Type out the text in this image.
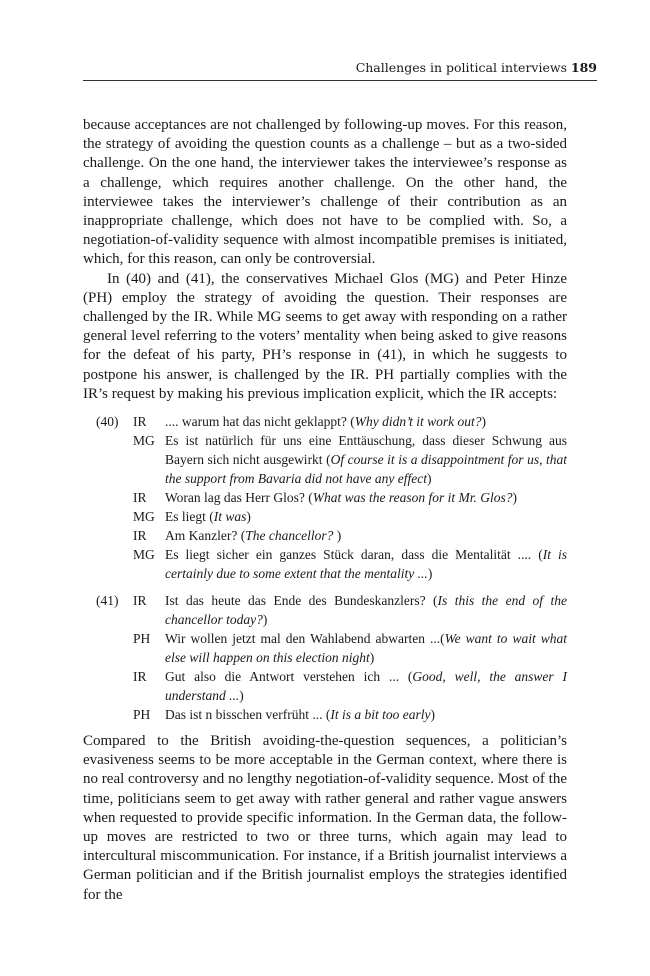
Challenges in political interviews 189

because acceptances are not challenged by following-up moves. For this reason, the strategy of avoiding the question counts as a challenge – but as a two-sided challenge. On the one hand, the interviewer takes the interviewee’s response as a challenge, which requires another challenge. On the other hand, the interviewee takes the interviewer’s challenge of their contribution as an inappropriate challenge, which does not have to be complied with. So, a negotiation-of-validity sequence with almost incompatible premises is initiated, which, for this reason, can only be controversial.

In (40) and (41), the conservatives Michael Glos (MG) and Peter Hinze (PH) employ the strategy of avoiding the question. Their responses are challenged by the IR. While MG seems to get away with responding on a rather general level referring to the voters’ mentality when being asked to give reasons for the defeat of his party, PH’s response in (41), in which he suggests to postpone his answer, is challenged by the IR. PH partially complies with the IR’s request by making his previous implication explicit, which the IR accepts:

(40)	IR	.... warum hat das nicht geklappt? (Why didn’t it work out?)
MG Es ist natürlich für uns eine Enttäuschung, dass dieser Schwung aus Bayern sich nicht ausgewirkt (Of course it is a disappointment for us, that the support from Bavaria did not have any effect)
IR	Woran lag das Herr Glos? (What was the reason for it Mr. Glos?)
MG Es liegt (It was)
IR	Am Kanzler? (The chancellor? )
MG Es liegt sicher ein ganzes Stück daran, dass die Mentalität .... (It is certainly due to some extent that the mentality ...)
(41)	IR	Ist das heute das Ende des Bundeskanzlers? (Is this the end of the chancellor today?)
PH	Wir wollen jetzt mal den Wahlabend abwarten ...(We want to wait what else will happen on this election night)
IR	Gut also die Antwort verstehen ich ... (Good, well, the answer I understand ...)
PH	Das ist n bisschen verfrüht ... (It is a bit too early)

Compared to the British avoiding-the-question sequences, a politician’s evasiveness seems to be more acceptable in the German context, where there is no real controversy and no lengthy negotiation-of-validity sequence. Most of the time, politicians seem to get away with rather general and rather vague answers when requested to provide specific information. In the German data, the follow-up moves are restricted to two or three turns, which again may lead to intercultural miscommunication. For instance, if a British journalist interviews a German politician and if the British journalist employs the strategies identified for the
